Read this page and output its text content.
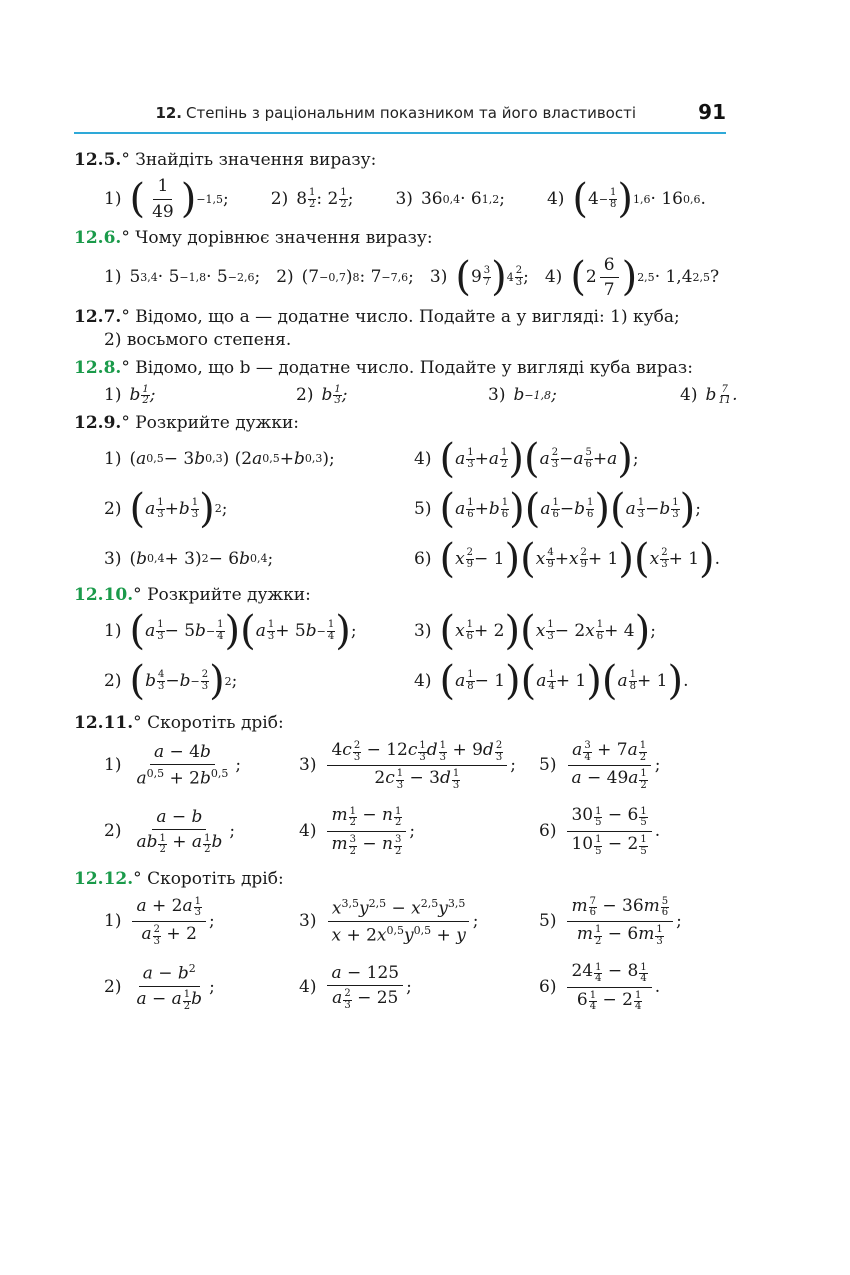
12. Степінь з раціональним показником та його властивості	91
12.5.° Знайдіть значення виразу:
1) ( $\frac{1}{49}$ ) −1,5 ; 2) 8 1
2 : 2 1
2 ; 3) 36 0,4 · 6 1,2 ; 4) ( $4 - \frac{1}{8}$ ) 1,6 · 16 0,6 .
12.6.° Чому дорівнює значення виразу:
1) 5 3,4 · 5 −1,8 · 5 −2,6 ; 2) (7 −0,7 ) 8 : 7 −7,6 ; 3) ( 9 3
7 ) 4 2
3 ; 4) ( $2 \frac{6}{7}$ ) 2,5 · 1,4 2,5 ?
12.7.° Відомо, що a — додатне число. Подайте a у вигляді: 1) куба;
2) восьмого степеня.
12.8.° Відомо, що b — додатне число. Подайте у вигляді куба вираз:
1) b 1
2 ;	2) b 1
3 ;	3) b −1,8 ;	4) b 7
11 .
12.9.° Розкрийте дужки:
1) ( a 0,5 − 3 b 0,3 ) (2 a 0,5 + b 0,3 );	4) ( a 1
3 + a 1
2 )( a 2
3 − a 5
6 + a ) ;
2) ( a 1
3 + b 1
3 ) 2 ;	5) ( a 1
6 + b 1
6 )( a 1
6 − b 1
6 )( a 1
3 − b 1
3 ) ;
3) ( b 0,4 + 3) 2 − 6 b 0,4 ;	6) ( x 2
9 − 1 )( x 4
9 + x 2
9 + 1 )( x 2
3 + 1 ) .
12.10.° Розкрийте дужки:
1) ( a 1
3 − 5 $b - \frac{1}{4}$ )( a 1
3 + 5 $b - \frac{1}{4}$ ) ;	3) ( x 1
6 + 2 )( x 1
3 − 2 x 1
6 + 4 ) ;
2) ( b 4
$3 - b - \frac{2}{3}$ ) 2 ;	4) ( a 1
8 − 1 )( a 1
4 + 1 )( a 1
8 + 1 ) .
12.11.° Скоротіть дріб:
$1) \frac{a - 4b}{a^{0,5} + 2b^{0,5}}$ ;	$3) \frac{4c \frac{2}{3} - 12c \frac{1}{3} d \frac{1}{3} + 9d \frac{2}{3}}{2c \frac{1}{3} - 3d \frac{1}{3}}$ ;	$5) \frac{a \frac{3}{4} + 7a \frac{1}{2}}{a - 49a \frac{1}{2}}$ ;
$2) \frac{a - b}{ab \frac{1}{2} + a \frac{1}{2} b}$ ;	$4) \frac{m \frac{1}{2} - n \frac{1}{2}}{m \frac{3}{2} - n \frac{3}{2}}$ ;	$6) \frac{30 \frac{1}{5} - 6 \frac{1}{5}}{10 \frac{1}{5} - 2 \frac{1}{5}}$ .
12.12.° Скоротіть дріб:
$1) \frac{a + 2a \frac{1}{3}}{a \frac{2}{3} + 2}$ ;	$3) \frac{x^{3,5}y^{2,5} - x^{2,5}y^{3,5}}{x + 2x^{0,5}y^{0,5} + y}$ ;	$5) \frac{m \frac{7}{6} - 36m \frac{5}{6}}{m \frac{1}{2} - 6m \frac{1}{3}}$ ;
$2) \frac{a - b^2}{a - a \frac{1}{2} b}$ ;	$4) \frac{a - 125}{a \frac{2}{3} - 25}$ ;	$6) \frac{24 \frac{1}{4} - 8 \frac{1}{4}}{6 \frac{1}{4} - 2 \frac{1}{4}}$ .
